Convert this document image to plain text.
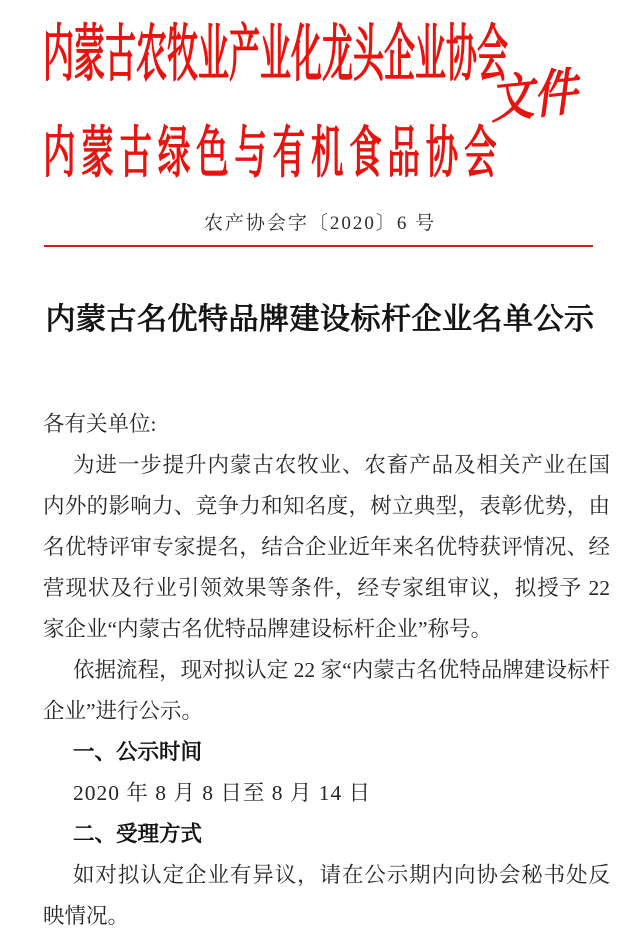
内蒙古农牧业产业化龙头企业协会
内蒙古绿色与有机食品协会
文件
农产协会字〔2020〕6 号
内蒙古名优特品牌建设标杆企业名单公示

各有关单位:

为进一步提升内蒙古农牧业、农畜产品及相关产业在国内外的影响力、竞争力和知名度，树立典型，表彰优势，由名优特评审专家提名，结合企业近年来名优特获评情况、经营现状及行业引领效果等条件，经专家组审议，拟授予 22 家企业“内蒙古名优特品牌建设标杆企业”称号。

依据流程，现对拟认定 22 家“内蒙古名优特品牌建设标杆企业”进行公示。

一、公示时间

2020 年 8 月 8 日至 8 月 14 日

二、受理方式

如对拟认定企业有异议，请在公示期内向协会秘书处反映情况。
